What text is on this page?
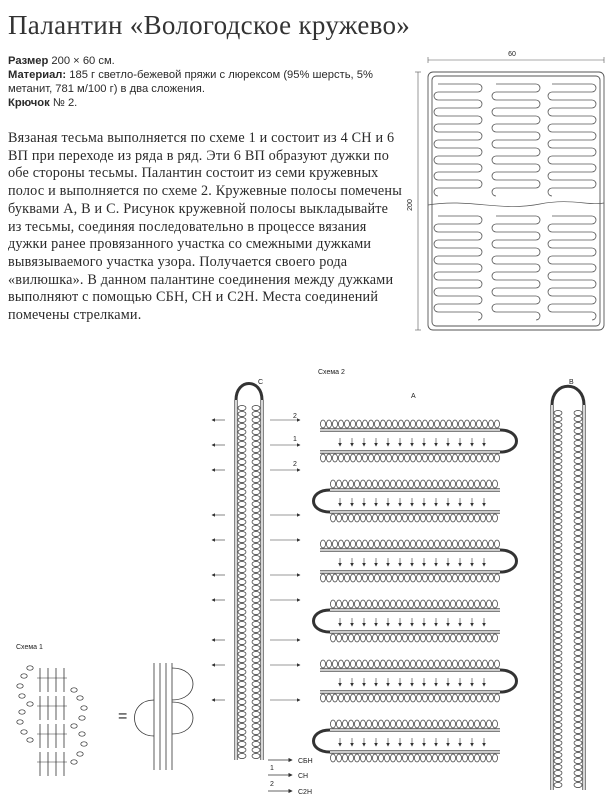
Палантин «Вологодское кружево»
Размер 200 × 60 см.
Материал: 185 г светло-бежевой пряжи с люрексом (95% шерсть, 5% метанит, 781 м/100 г) в два сложения.
Крючок № 2.

Вязаная тесьма выполняется по схеме 1 и состоит из 4 СН и 6 ВП при переходе из ряда в ряд. Эти 6 ВП образуют дужки по обе стороны тесьмы. Палантин состоит из семи кружевных полос и выполняется по схеме 2. Кружевные полосы помечены буквами А, В и С. Рисунок кружевной полосы выкладывайте из тесьмы, соединяя последовательно в процессе вязания дужки ранее провязанного участка со смежными дужками вывязываемого участка узора. Получается своего рода «вилюшка». В данном палантине соединения между дужками выполняют с помощью СБН, СН и С2Н. Места соединений помечены стрелками.

60
200
Схема 2
C
A
B
2
1
2
СБН
1
СН
2
С2Н
Схема 1
=
